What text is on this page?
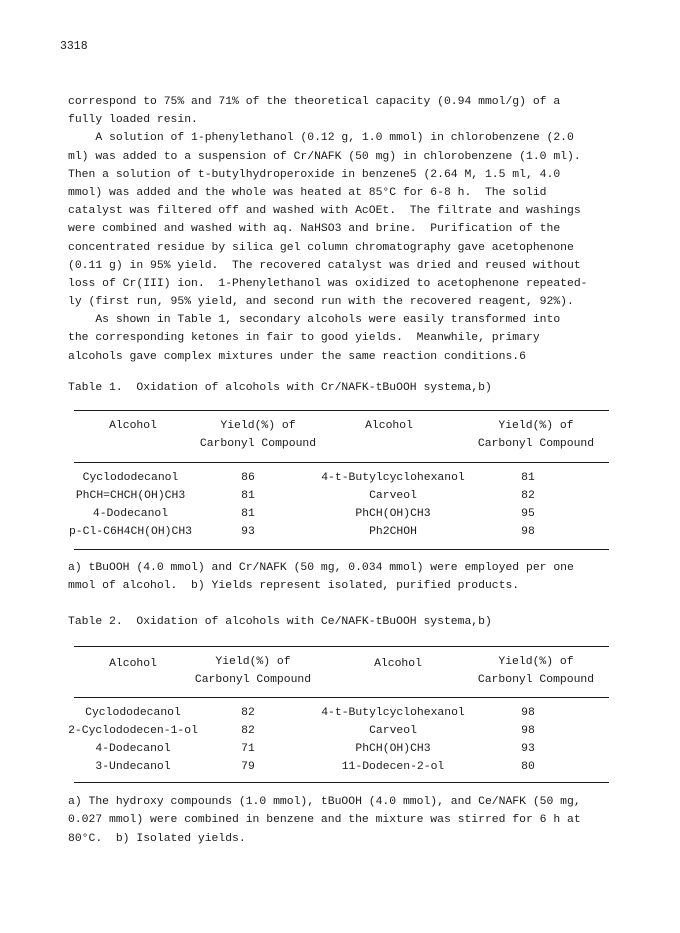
3318
correspond to 75% and 71% of the theoretical capacity (0.94 mmol/g) of a
fully loaded resin.
A solution of 1-phenylethanol (0.12 g, 1.0 mmol) in chlorobenzene (2.0
ml) was added to a suspension of Cr/NAFK (50 mg) in chlorobenzene (1.0 ml).
Then a solution of t-butylhydroperoxide in benzene5 (2.64 M, 1.5 ml, 4.0
mmol) was added and the whole was heated at 85°C for 6-8 h.  The solid
catalyst was filtered off and washed with AcOEt.  The filtrate and washings
were combined and washed with aq. NaHSO3 and brine.  Purification of the
concentrated residue by silica gel column chromatography gave acetophenone
(0.11 g) in 95% yield.  The recovered catalyst was dried and reused without
loss of Cr(III) ion.  1-Phenylethanol was oxidized to acetophenone repeated-
ly (first run, 95% yield, and second run with the recovered reagent, 92%).
As shown in Table 1, secondary alcohols were easily transformed into
the corresponding ketones in fair to good yields.  Meanwhile, primary
alcohols gave complex mixtures under the same reaction conditions.6
Table 1.  Oxidation of alcohols with Cr/NAFK-tBuOOH systema,b)
Alcohol	Yield(%) of
Carbonyl Compound
Alcohol	Yield(%) of
Carbonyl Compound
Cyclododecanol	86	4-t-Butylcyclohexanol	81
PhCH=CHCH(OH)CH3	81	Carveol	82
4-Dodecanol	81	PhCH(OH)CH3	95
p-Cl-C6H4CH(OH)CH3	93	Ph2CHOH	98
a) tBuOOH (4.0 mmol) and Cr/NAFK (50 mg, 0.034 mmol) were employed per one
mmol of alcohol.  b) Yields represent isolated, purified products.
Table 2.  Oxidation of alcohols with Ce/NAFK-tBuOOH systema,b)
Alcohol	Yield(%) of
Carbonyl Compound
Alcohol	Yield(%) of
Carbonyl Compound
Cyclododecanol	82	4-t-Butylcyclohexanol	98
2-Cyclododecen-1-ol	82	Carveol	98
4-Dodecanol	71	PhCH(OH)CH3	93
3-Undecanol	79	11-Dodecen-2-ol	80
a) The hydroxy compounds (1.0 mmol), tBuOOH (4.0 mmol), and Ce/NAFK (50 mg,
0.027 mmol) were combined in benzene and the mixture was stirred for 6 h at
80°C.  b) Isolated yields.
